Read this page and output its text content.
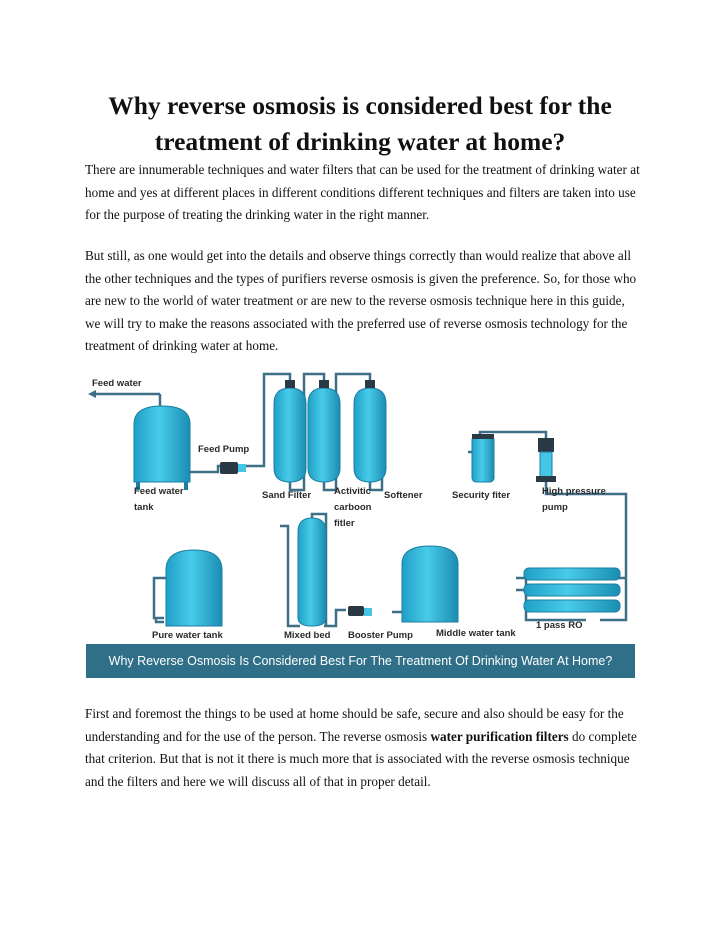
Why reverse osmosis is considered best for the treatment of drinking water at home?

There are innumerable techniques and water filters that can be used for the treatment of drinking water at home and yes at different places in different conditions different techniques and filters are taken into use for the purpose of treating the drinking water in the right manner.

But still, as one would get into the details and observe things correctly than would realize that above all the other techniques and the types of purifiers reverse osmosis is given the preference. So, for those who are new to the world of water treatment or are new to the reverse osmosis technique here in this guide, we will try to make the reasons associated with the preferred use of reverse osmosis technology for the treatment of drinking water at home.

Feed water
Feed Pump
Feed water
tank
Sand Filter Activitic
carboon
fitler
Softener	Security fiter	High pressure
pump
Pure water tank	Mixed bed Booster Pump Middle water tank
1 pass RO
Why Reverse Osmosis Is Considered Best For The Treatment Of Drinking Water At Home?

First and foremost the things to be used at home should be safe, secure and also should be easy for the understanding and for the use of the person. The reverse osmosis water purification filters do complete that criterion. But that is not it there is much more that is associated with the reverse osmosis technique and the filters and here we will discuss all of that in proper detail.
